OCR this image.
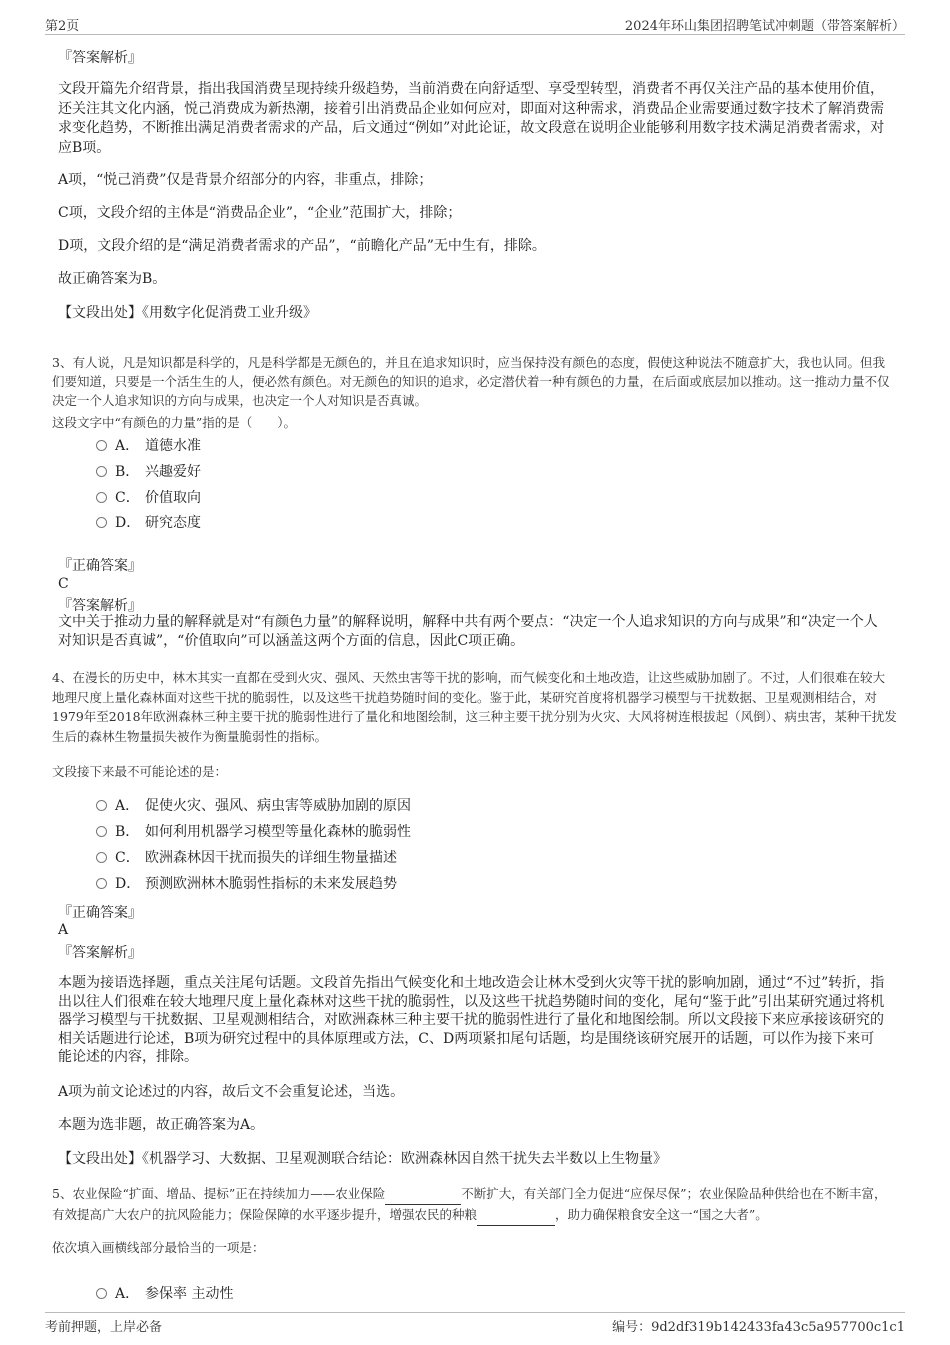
第2页	2024年环山集团招聘笔试冲刺题（带答案解析）
『答案解析』
文段开篇先介绍背景，指出我国消费呈现持续升级趋势，当前消费在向舒适型、享受型转型，消费者不再仅关注产品的基本使用价值，还关注其文化内涵，悦己消费成为新热潮，接着引出消费品企业如何应对，即面对这种需求，消费品企业需要通过数字技术了解消费需求变化趋势，不断推出满足消费者需求的产品，后文通过“例如”对此论证，故文段意在说明企业能够利用数字技术满足消费者需求，对应B项。
A项，“悦己消费”仅是背景介绍部分的内容，非重点，排除；
C项，文段介绍的主体是“消费品企业”，“企业”范围扩大，排除；
D项，文段介绍的是“满足消费者需求的产品”，“前瞻化产品”无中生有，排除。
故正确答案为B。
【文段出处】《用数字化促消费工业升级》
3、有人说，凡是知识都是科学的，凡是科学都是无颜色的，并且在追求知识时，应当保持没有颜色的态度，假使这种说法不随意扩大，我也认同。但我们要知道，只要是一个活生生的人，便必然有颜色。对无颜色的知识的追求，必定潜伏着一种有颜色的力量，在后面或底层加以推动。这一推动力量不仅决定一个人追求知识的方向与成果，也决定一个人对知识是否真诚。
这段文字中“有颜色的力量”指的是（　　）。
A． 道德水准
B． 兴趣爱好
C． 价值取向
D． 研究态度
『正确答案』
C
『答案解析』
文中关于推动力量的解释就是对“有颜色力量”的解释说明，解释中共有两个要点：“决定一个人追求知识的方向与成果”和“决定一个人对知识是否真诚”，“价值取向”可以涵盖这两个方面的信息，因此C项正确。
4、在漫长的历史中，林木其实一直都在受到火灾、强风、天然虫害等干扰的影响，而气候变化和土地改造，让这些威胁加剧了。不过，人们很难在较大地理尺度上量化森林面对这些干扰的脆弱性，以及这些干扰趋势随时间的变化。鉴于此，某研究首度将机器学习模型与干扰数据、卫星观测相结合，对1979年至2018年欧洲森林三种主要干扰的脆弱性进行了量化和地图绘制，这三种主要干扰分别为火灾、大风将树连根拔起（风倒）、病虫害，某种干扰发生后的森林生物量损失被作为衡量脆弱性的指标。
文段接下来最不可能论述的是：
A． 促使火灾、强风、病虫害等威胁加剧的原因
B． 如何利用机器学习模型等量化森林的脆弱性
C． 欧洲森林因干扰而损失的详细生物量描述
D． 预测欧洲林木脆弱性指标的未来发展趋势
『正确答案』
A
『答案解析』
本题为接语选择题，重点关注尾句话题。文段首先指出气候变化和土地改造会让林木受到火灾等干扰的影响加剧，通过“不过”转折，指出以往人们很难在较大地理尺度上量化森林对这些干扰的脆弱性，以及这些干扰趋势随时间的变化，尾句“鉴于此”引出某研究通过将机器学习模型与干扰数据、卫星观测相结合，对欧洲森林三种主要干扰的脆弱性进行了量化和地图绘制。所以文段接下来应承接该研究的相关话题进行论述，B项为研究过程中的具体原理或方法，C、D两项紧扣尾句话题，均是围绕该研究展开的话题，可以作为接下来可能论述的内容，排除。
A项为前文论述过的内容，故后文不会重复论述，当选。
本题为选非题，故正确答案为A。
【文段出处】《机器学习、大数据、卫星观测联合结论：欧洲森林因自然干扰失去半数以上生物量》
5、农业保险“扩面、增品、提标”正在持续加力——农业保险	不断扩大，有关部门全力促进“应保尽保”；农业保险品种供给也在不断丰富，有效提高广大农户的抗风险能力；保险保障的水平逐步提升，增强农民的种粮	，助力确保粮食安全这一“国之大者”。
依次填入画横线部分最恰当的一项是：
A． 参保率 主动性
考前押题，上岸必备	编号：9d2df319b142433fa43c5a957700c1c1
